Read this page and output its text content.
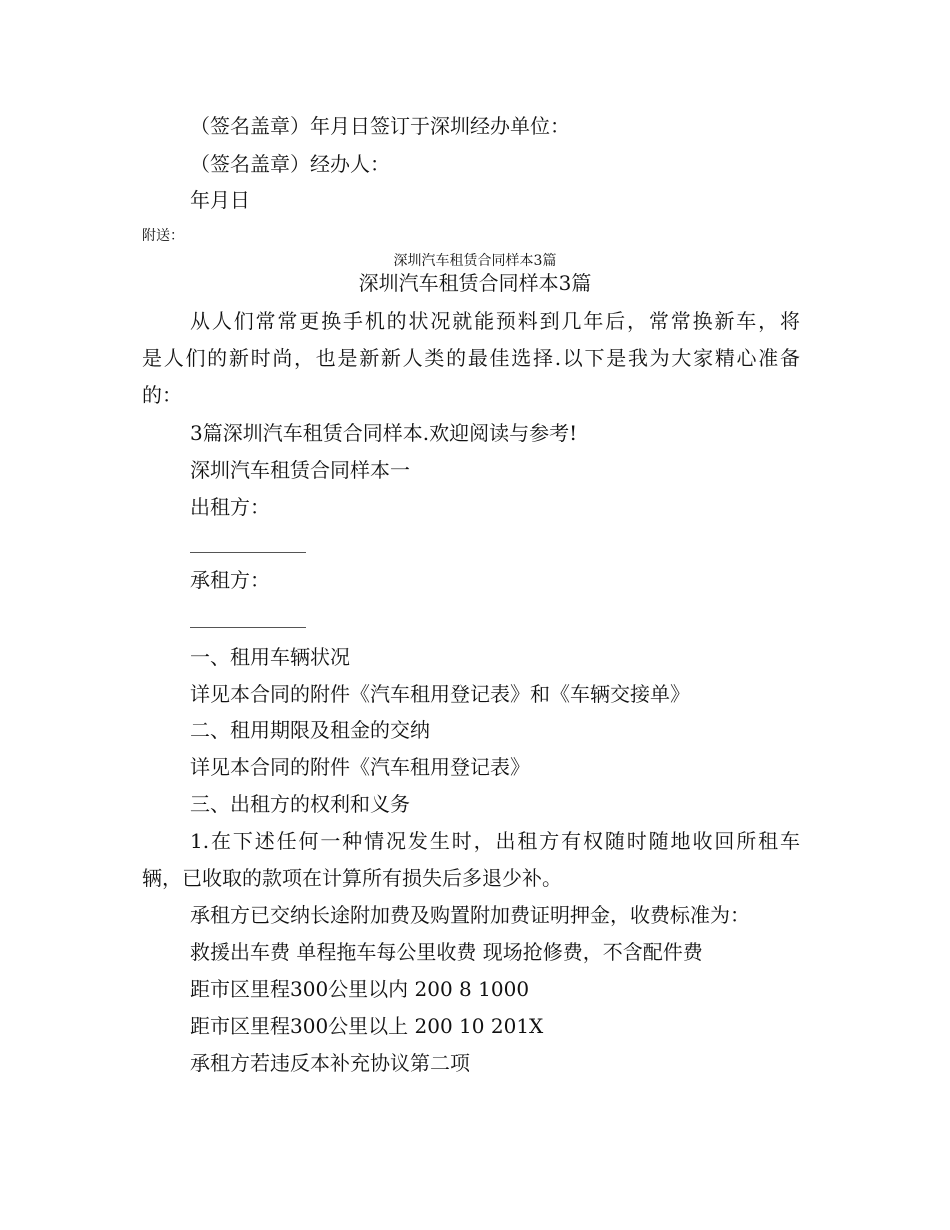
（签名盖章）年月日签订于深圳经办单位：
（签名盖章）经办人：
年月日
附送：
深圳汽车租赁合同样本3篇
深圳汽车租赁合同样本3篇
从人们常常更换手机的状况就能预料到几年后，常常换新车，将
是人们的新时尚，也是新新人类的最佳选择.以下是我为大家精心准备
的：
3篇深圳汽车租赁合同样本.欢迎阅读与参考!
深圳汽车租赁合同样本一
出租方：
承租方：
一、租用车辆状况
详见本合同的附件《汽车租用登记表》和《车辆交接单》
二、租用期限及租金的交纳
详见本合同的附件《汽车租用登记表》
三、出租方的权利和义务
1.在下述任何一种情况发生时，出租方有权随时随地收回所租车
辆，已收取的款项在计算所有损失后多退少补。
承租方已交纳长途附加费及购置附加费证明押金，收费标准为：
救援出车费 单程拖车每公里收费 现场抢修费，不含配件费
距市区里程300公里以内 200 8 1000
距市区里程300公里以上 200 10 201X
承租方若违反本补充协议第二项
